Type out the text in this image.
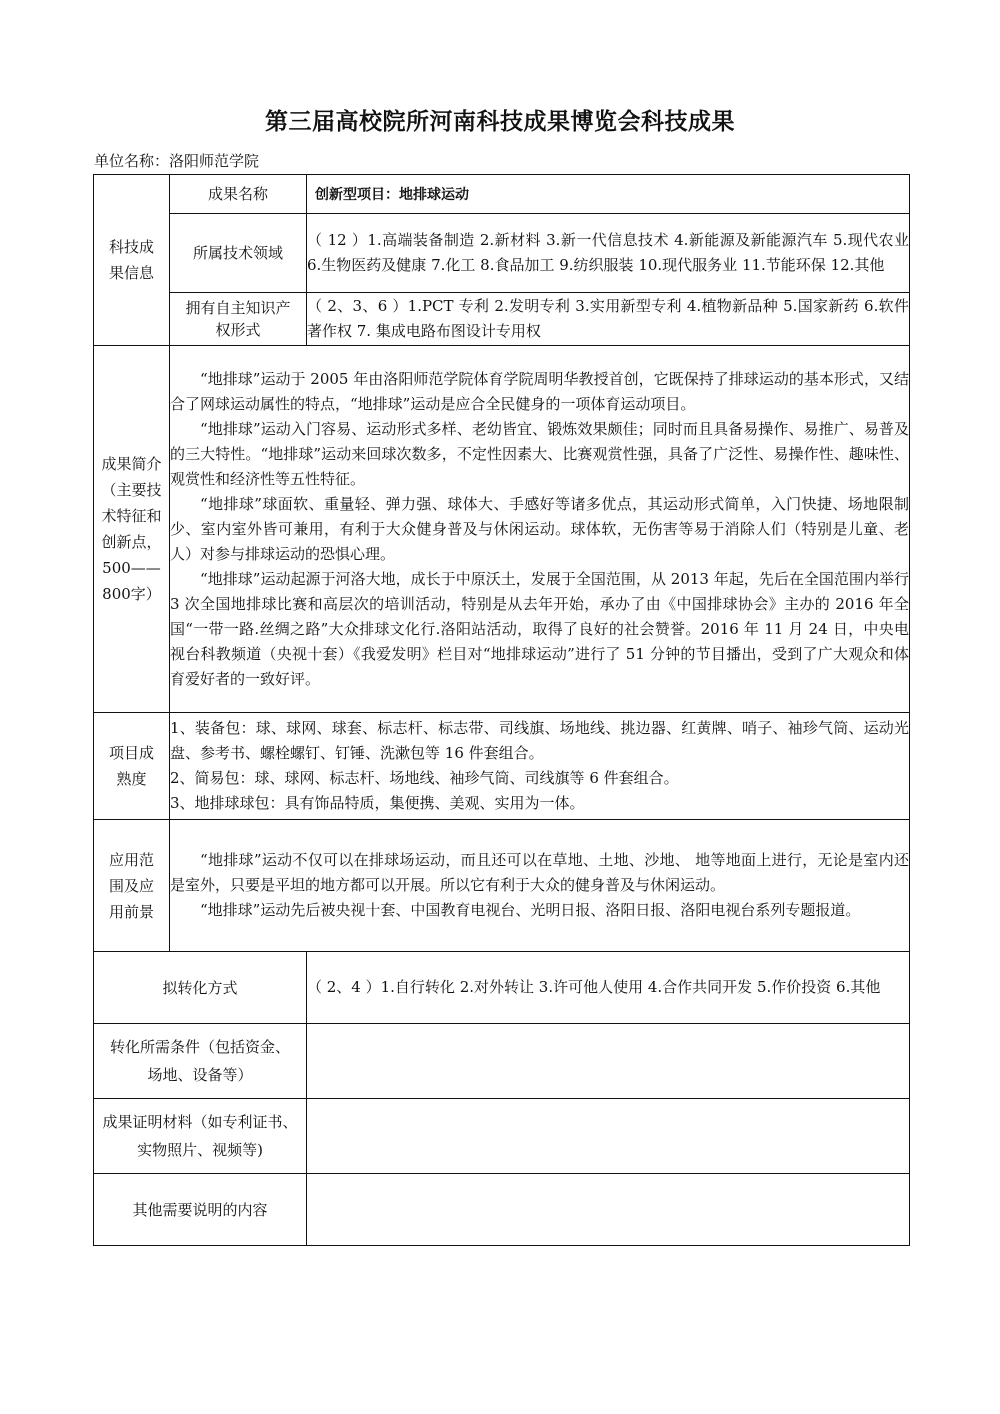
第三届高校院所河南科技成果博览会科技成果
单位名称：洛阳师范学院
科技成果信息	成果名称	创新型项目：地排球运动
	所属技术领域	（ 12 ）1.高端装备制造 2.新材料 3.新一代信息技术 4.新能源及新能源汽车 5.现代农业 6.生物医药及健康 7.化工 8.食品加工 9.纺织服装 10.现代服务业 11.节能环保 12.其他

	拥有自主知识产权形式	（ 2、3、6 ）1.PCT 专利 2.发明专利 3.实用新型专利 4.植物新品种 5.国家新药 6.软件著作权 7. 集成电路布图设计专用权

成果简介（主要技术特征和创新点，500——800字）	“地排球”运动于 2005 年由洛阳师范学院体育学院周明华教授首创，它既保持了排球运动的基本形式，又结合了网球运动属性的特点，“地排球”运动是应合全民健身的一项体育运动项目。

“地排球”运动入门容易、运动形式多样、老幼皆宜、锻炼效果颇佳；同时而且具备易操作、易推广、易普及的三大特性。“地排球”运动来回球次数多，不定性因素大、比赛观赏性强，具备了广泛性、易操作性、趣味性、观赏性和经济性等五性特征。

“地排球”球面软、重量轻、弹力强、球体大、手感好等诸多优点，其运动形式简单，入门快捷、场地限制少、室内室外皆可兼用，有利于大众健身普及与休闲运动。球体软，无伤害等易于消除人们（特别是儿童、老人）对参与排球运动的恐惧心理。

“地排球”运动起源于河洛大地，成长于中原沃土，发展于全国范围，从 2013 年起，先后在全国范围内举行 3 次全国地排球比赛和高层次的培训活动，特别是从去年开始，承办了由《中国排球协会》主办的 2016 年全国“一带一路.丝绸之路”大众排球文化行.洛阳站活动，取得了良好的社会赞誉。2016 年 11 月 24 日，中央电视台科教频道（央视十套）《我爱发明》栏目对“地排球运动”进行了 51 分钟的节目播出，受到了广大观众和体育爱好者的一致好评。	

项目成熟度	1、装备包：球、球网、球套、标志杆、标志带、司线旗、场地线、挑边器、红黄牌、哨子、袖珍气筒、运动光盘、参考书、螺栓螺钉、钉锤、洗漱包等 16 件套组合。

2、简易包：球、球网、标志杆、场地线、袖珍气筒、司线旗等 6 件套组合。

3、地排球球包：具有饰品特质，集便携、美观、实用为一体。	

应用范围及应用前景	“地排球”运动不仅可以在排球场运动，而且还可以在草地、土地、沙地、 地等地面上进行，无论是室内还是室外，只要是平坦的地方都可以开展。所以它有利于大众的健身普及与休闲运动。

“地排球”运动先后被央视十套、中国教育电视台、光明日报、洛阳日报、洛阳电视台系列专题报道。	

拟转化方式		（ 2、4 ）1.自行转化 2.对外转让 3.许可他人使用 4.合作共同开发 5.作价投资 6.其他

转化所需条件（包括资金、场地、设备等）		

成果证明材料（如专利证书、实物照片、视频等)		

其他需要说明的内容		
